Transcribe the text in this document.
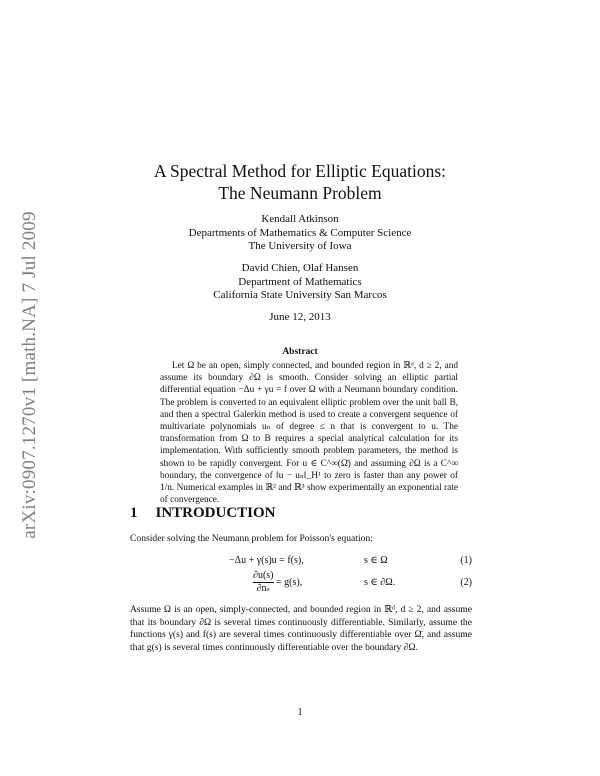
arXiv:0907.1270v1 [math.NA] 7 Jul 2009
A Spectral Method for Elliptic Equations:
The Neumann Problem
Kendall Atkinson
Departments of Mathematics & Computer Science
The University of Iowa
David Chien, Olaf Hansen
Department of Mathematics
California State University San Marcos
June 12, 2013
Abstract

Let Ω be an open, simply connected, and bounded region in ℝᵈ, d ≥ 2, and assume its boundary ∂Ω is smooth. Consider solving an elliptic partial differential equation −Δu + γu = f over Ω with a Neumann boundary condition. The problem is converted to an equivalent elliptic problem over the unit ball B, and then a spectral Galerkin method is used to create a convergent sequence of multivariate polynomials uₙ of degree ≤ n that is convergent to u. The transformation from Ω to B requires a special analytical calculation for its implementation. With sufficiently smooth problem parameters, the method is shown to be rapidly convergent. For u ∈ C^∞(Ω̄) and assuming ∂Ω is a C^∞ boundary, the convergence of ‖u − uₙ‖_H¹ to zero is faster than any power of 1/n. Numerical examples in ℝ² and ℝ³ show experimentally an exponential rate of convergence.

1 INTRODUCTION
Consider solving the Neumann problem for Poisson's equation:
−Δu + γ(s)u = f(s),	s ∈ Ω	(1)
$\frac{\partial u(s)}{\text{∂nₛ}} = g(s)$,	s ∈ ∂Ω.	(2)
Assume Ω is an open, simply-connected, and bounded region in ℝᵈ, d ≥ 2, and assume that its boundary ∂Ω is several times continuously differentiable. Similarly, assume the functions γ(s) and f(s) are several times continuously differentiable over Ω̄, and assume that g(s) is several times continuously differentiable over the boundary ∂Ω.
1
